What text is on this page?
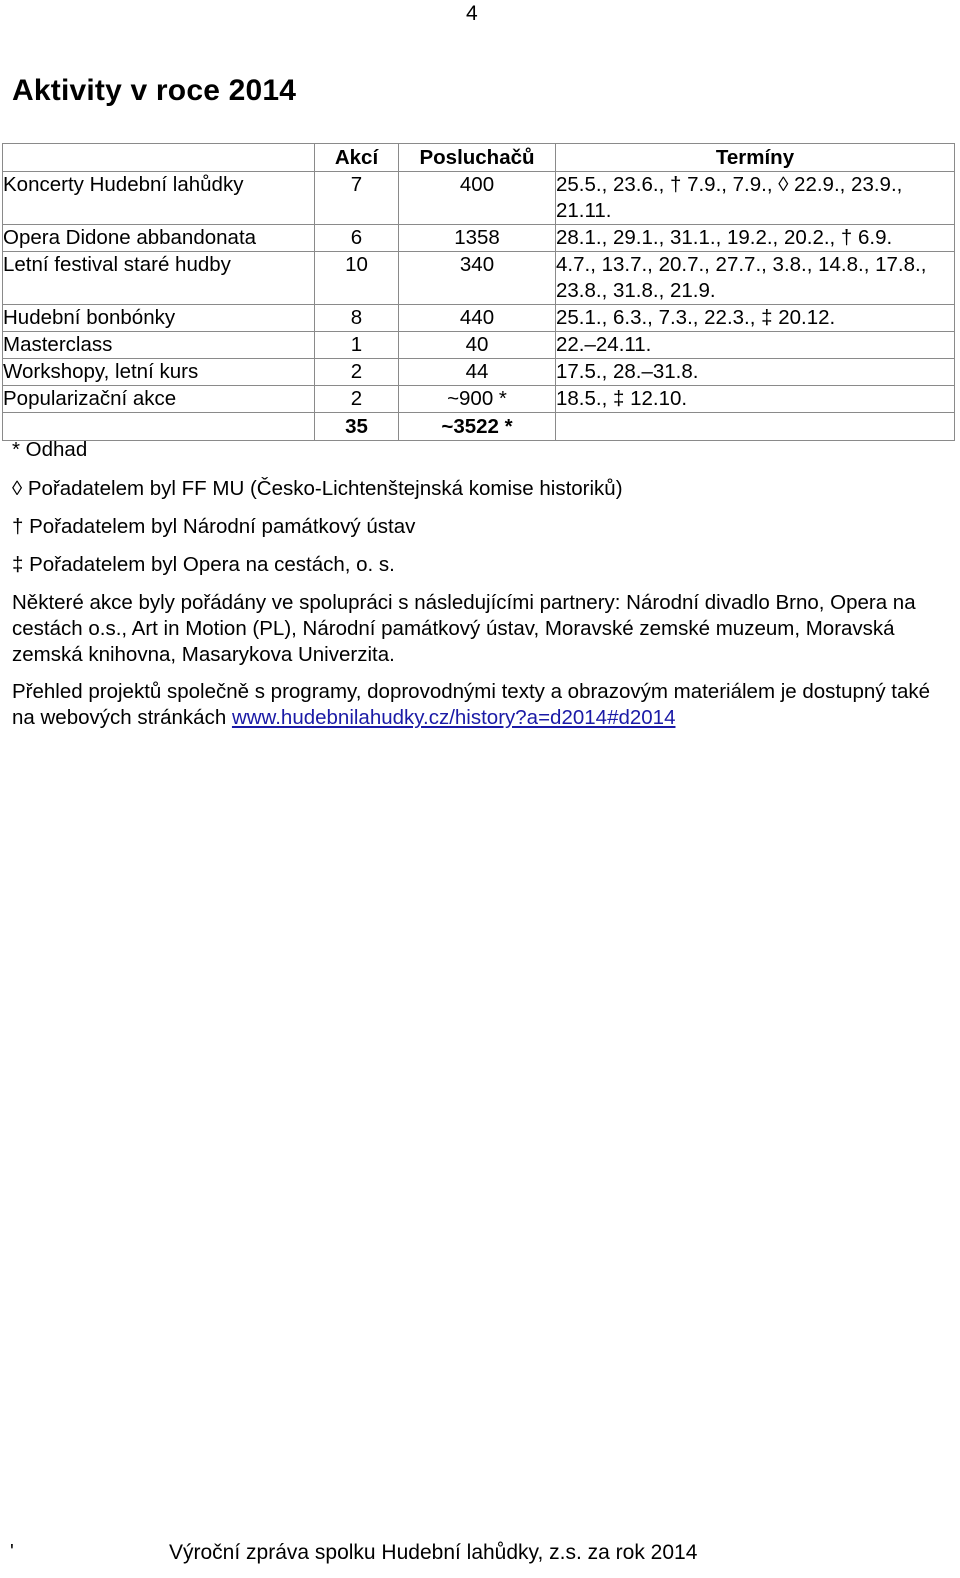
4
Aktivity v roce 2014
	Akcí	Posluchačů	Termíny
Koncerty Hudební lahůdky	7	400	25.5., 23.6., † 7.9., 7.9., ◊ 22.9., 23.9., 21.11.
Opera Didone abbandonata	6	1358	28.1., 29.1., 31.1., 19.2., 20.2., † 6.9.
Letní festival staré hudby	10	340	4.7., 13.7., 20.7., 27.7., 3.8., 14.8., 17.8., 23.8., 31.8., 21.9.
Hudební bonbónky	8	440	25.1., 6.3., 7.3., 22.3., ‡ 20.12.
Masterclass	1	40	22.–24.11.
Workshopy, letní kurs	2	44	17.5., 28.–31.8.
Popularizační akce	2	~900 *	18.5., ‡ 12.10.
	35	~3522 *	

* Odhad

◊ Pořadatelem byl FF MU (Česko-Lichtenštejnská komise historiků)

† Pořadatelem byl Národní památkový ústav

‡ Pořadatelem byl Opera na cestách, o. s.

Některé akce byly pořádány ve spolupráci s následujícími partnery: Národní divadlo Brno, Opera na cestách o.s., Art in Motion (PL), Národní památkový ústav, Moravské zemské muzeum, Moravská zemská knihovna, Masarykova Univerzita.

Přehled projektů společně s programy, doprovodnými texty a obrazovým materiálem je dostupný také na webových stránkách www.hudebnilahudky.cz/history?a=d2014#d2014

'	Výroční zpráva spolku Hudební lahůdky, z.s. za rok 2014
